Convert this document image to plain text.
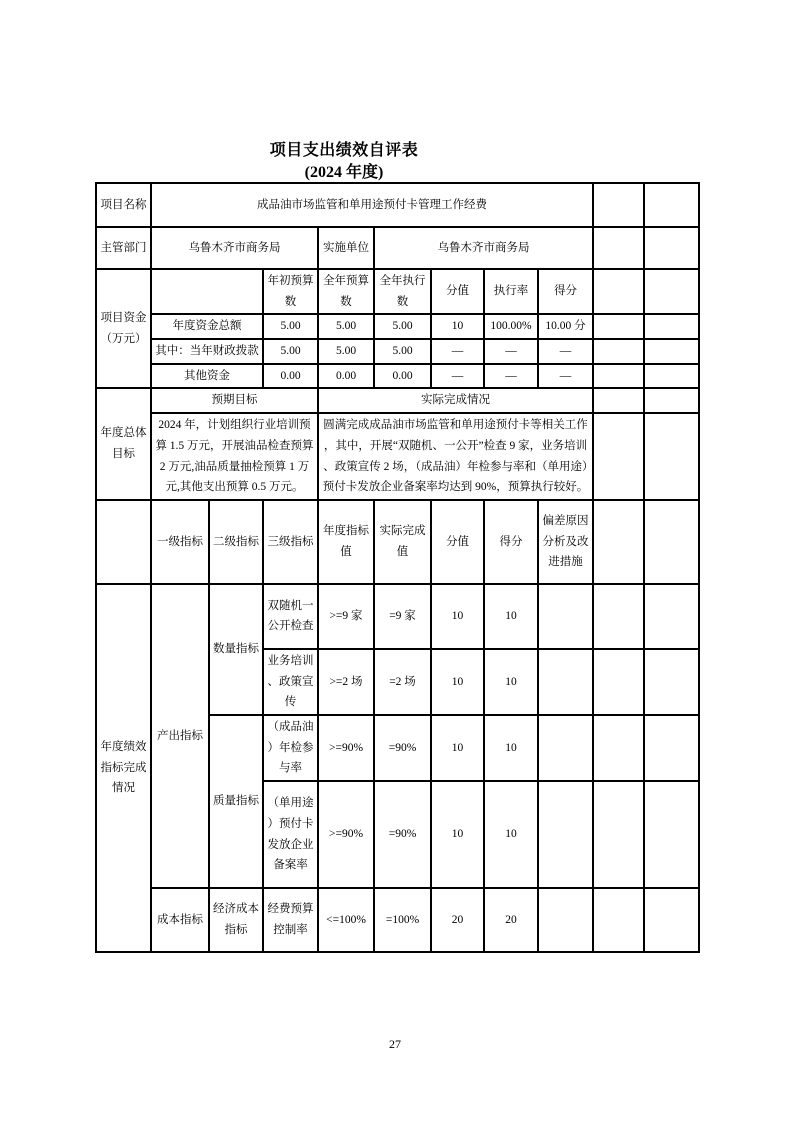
项目支出绩效自评表
(2024 年度)
项目名称	成品油市场监管和单用途预付卡管理工作经费									
主管部门	乌鲁木齐市商务局			实施单位	乌鲁木齐市商务局					
项目资金 （万元）			年初预算数	全年预算数	全年执行数	分值	执行率	得分		
	年度资金总额		5.00	5.00	5.00	10	100.00%	10.00 分		
	其中：当年财政拨款		5.00	5.00	5.00	—	—	—		
	其他资金		0.00	0.00	0.00	—	—	—		
年度总体目标	预期目标			实际完成情况						
	2024 年，计划组织行业培训预算 1.5 万元，开展油品检查预算 2 万元,油品质量抽检预算 1 万元,其他支出预算 0.5 万元。			圆满完成成品油市场监管和单用途预付卡等相关工作，其中，开展“双随机、一公开”检查 9 家，业务培训、政策宣传 2 场，（成品油）年检参与率和（单用途）预付卡发放企业备案率均达到 90%，预算执行较好。						
	一级指标	二级指标	三级指标	年度指标值	实际完成值	分值	得分	偏差原因分析及改进措施		
年度绩效指标完成情况	产出指标	数量指标	双随机一公开检查	>=9 家	=9 家	10	10			
			业务培训、政策宣传	>=2 场	=2 场	10	10			
		质量指标	（成品油）年检参与率	>=90%	=90%	10	10			
			（单用途）预付卡发放企业备案率	>=90%	=90%	10	10			
	成本指标	经济成本指标	经费预算控制率	<=100%	=100%	20	20			
27
